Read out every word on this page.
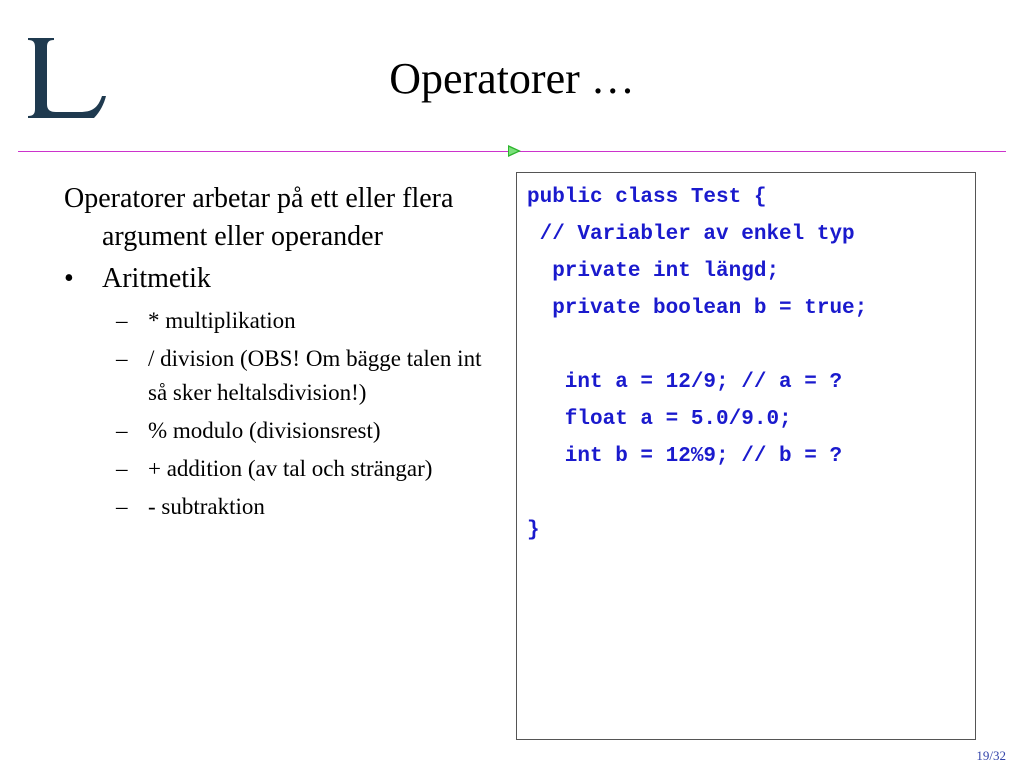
Operatorer …
Operatorer arbetar på ett eller flera argument eller operander
• Aritmetik
– * multiplikation
– / division (OBS! Om bägge talen int så sker heltalsdivision!)
– % modulo (divisionsrest)
– + addition (av tal och strängar)
– - subtraktion
public class Test {
// Variabler av enkel typ
private int längd;
private boolean b = true;

int a = 12/9; // a = ?
float a = 5.0/9.0;
int b = 12%9; // b = ?

}
19/32
